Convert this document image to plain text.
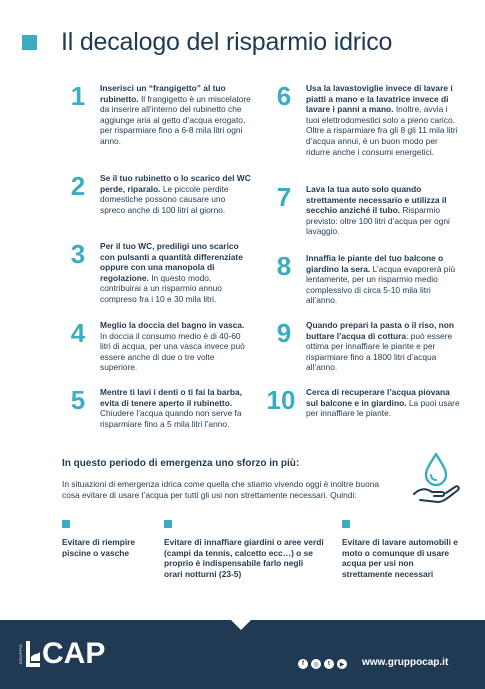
Il decalogo del risparmio idrico
1	Inserisci un “frangigetto” al tuo rubinetto. Il frangigetto è un miscelatore da inserire all’interno del rubinetto che aggiunge aria al getto d’acqua erogato, per risparmiare fino a 6-8 mila litri ogni anno.
2	Se il tuo rubinetto o lo scarico del WC perde, riparalo. Le piccole perdite domestiche possono causare uno spreco anche di 100 litri al giorno.
3	Per il tuo WC, prediligi uno scarico con pulsanti a quantità differenziate oppure con una manopola di regolazione. In questo modo, contribuirai a un risparmio annuo compreso fra i 10 e 30 mila litri.
4	Meglio la doccia del bagno in vasca. In doccia il consumo medio è di 40-60 litri di acqua, per una vasca invece può essere anche di due o tre volte superiore.
5	Mentre ti lavi i denti o ti fai la barba, evita di tenere aperto il rubinetto. Chiudere l’acqua quando non serve fa risparmiare fino a 5 mila litri l’anno.
6	Usa la lavastoviglie invece di lavare i piatti a mano e la lavatrice invece di lavare i panni a mano. Inoltre, avvia i tuoi elettrodomestici solo a pieno carico. Oltre a risparmiare fra gli 8 gli 11 mila litri d’acqua annui, è un buon modo per ridurre anche i consumi energetici.
7	Lava la tua auto solo quando strettamente necessario e utilizza il secchio anziché il tubo. Risparmio previsto: oltre 100 litri d’acqua per ogni lavaggio.
8	Innaffia le piante del tuo balcone o giardino la sera. L’acqua evaporerà più lentamente, per un risparmio medio complessivo di circa 5-10 mila litri all’anno.
9	Quando prepari la pasta o il riso, non buttare l’acqua di cottura: può essere ottima per innaffiare le piante e per risparmiare fino a 1800 litri d’acqua all’anno.
10	Cerca di recuperare l’acqua piovana sul balcone e in giardino. La puoi usare per innaffiare le piante.
In questo periodo di emergenza uno sforzo in più:
In situazioni di emergenza idrica come quella che stiamo vivendo oggi è inoltre buona cosa evitare di usare l’acqua per tutti gli usi non strettamente necessari. Quindi:
Evitare di riempire piscine o vasche
Evitare di innaffiare giardini o aree verdi (campi da tennis, calcetto ecc…) o se proprio è indispensabile farlo negli orari notturni (23-5)
Evitare di lavare automobili e moto o comunque di usare acqua per usi non strettamente necessari
GRUPPO CAP	f	◎	t	▶ www.gruppocap.it
